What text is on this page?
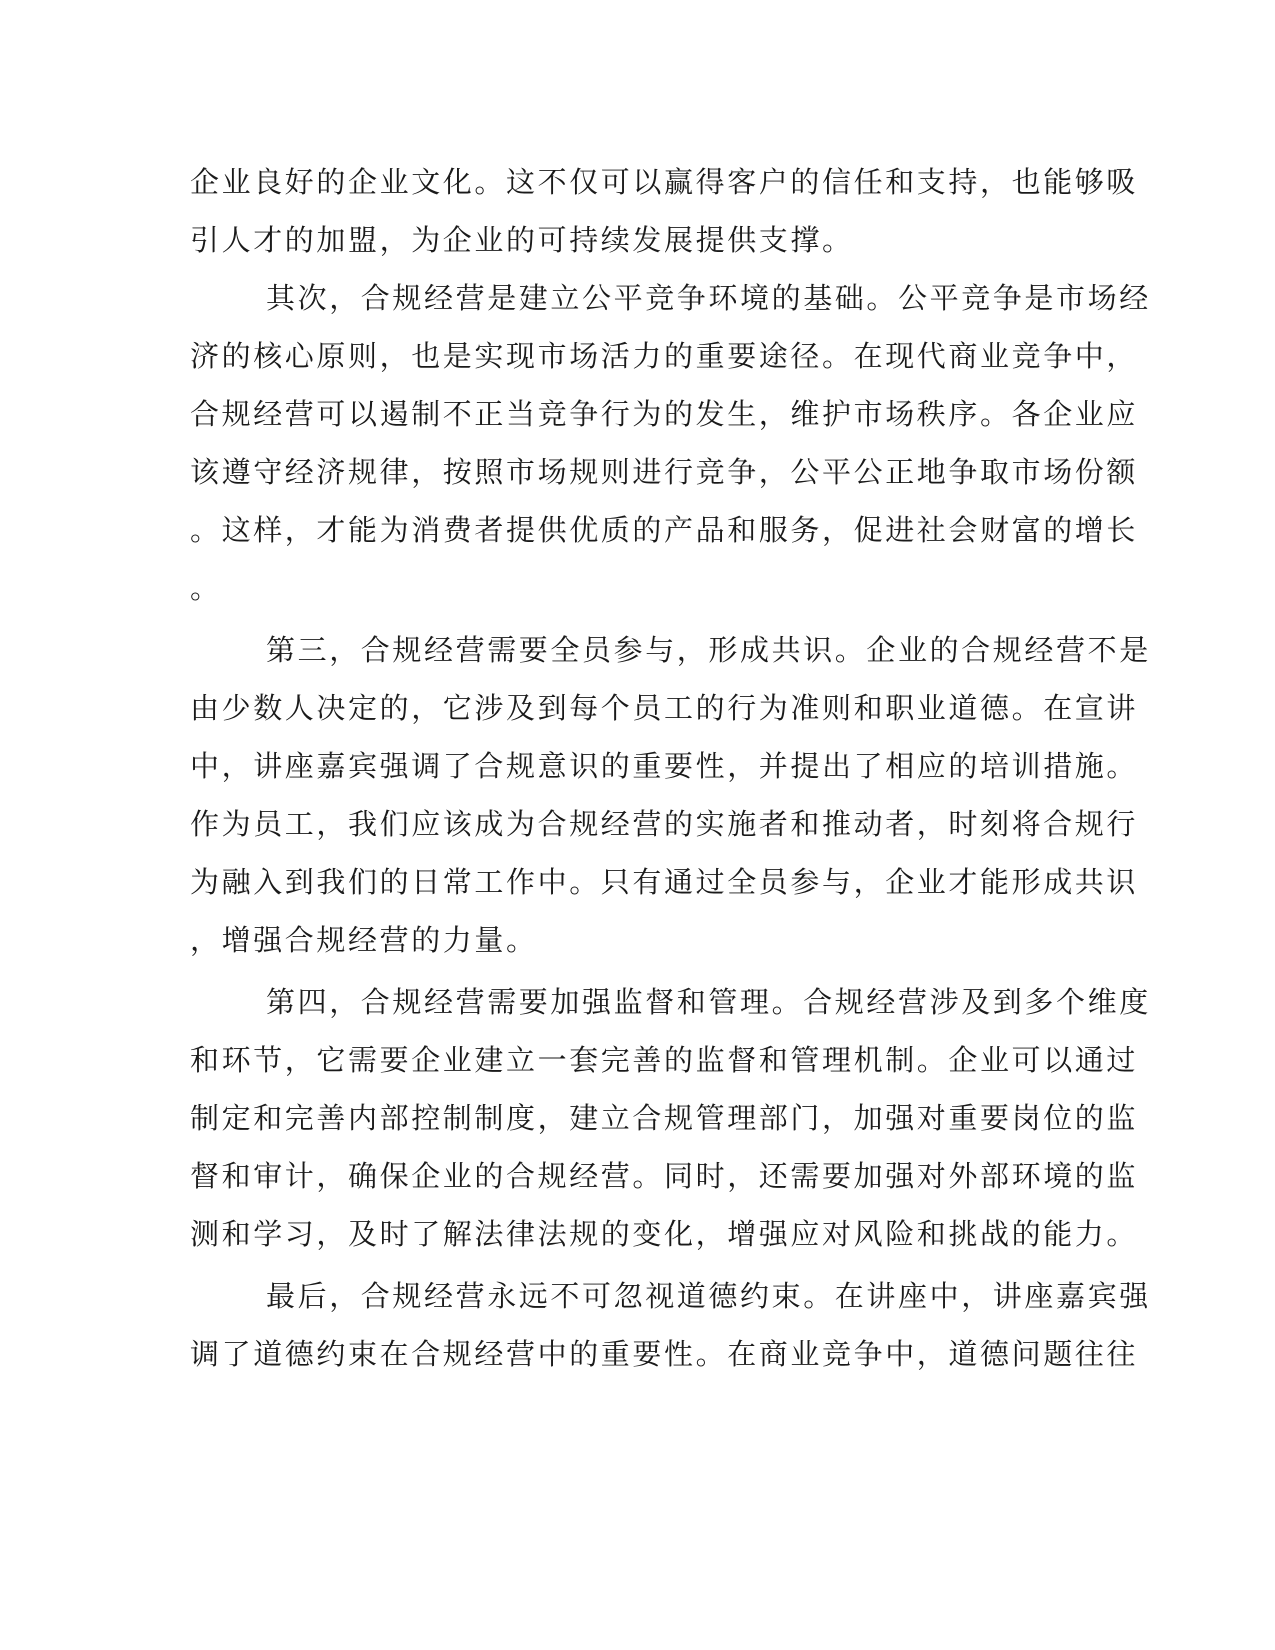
企业良好的企业文化。这不仅可以赢得客户的信任和支持，也能够吸
引人才的加盟，为企业的可持续发展提供支撑。
其次，合规经营是建立公平竞争环境的基础。公平竞争是市场经
济的核心原则，也是实现市场活力的重要途径。在现代商业竞争中，
合规经营可以遏制不正当竞争行为的发生，维护市场秩序。各企业应
该遵守经济规律，按照市场规则进行竞争，公平公正地争取市场份额
。这样，才能为消费者提供优质的产品和服务，促进社会财富的增长
。
第三，合规经营需要全员参与，形成共识。企业的合规经营不是
由少数人决定的，它涉及到每个员工的行为准则和职业道德。在宣讲
中，讲座嘉宾强调了合规意识的重要性，并提出了相应的培训措施。
作为员工，我们应该成为合规经营的实施者和推动者，时刻将合规行
为融入到我们的日常工作中。只有通过全员参与，企业才能形成共识
，增强合规经营的力量。
第四，合规经营需要加强监督和管理。合规经营涉及到多个维度
和环节，它需要企业建立一套完善的监督和管理机制。企业可以通过
制定和完善内部控制制度，建立合规管理部门，加强对重要岗位的监
督和审计，确保企业的合规经营。同时，还需要加强对外部环境的监
测和学习，及时了解法律法规的变化，增强应对风险和挑战的能力。
最后，合规经营永远不可忽视道德约束。在讲座中，讲座嘉宾强
调了道德约束在合规经营中的重要性。在商业竞争中，道德问题往往
